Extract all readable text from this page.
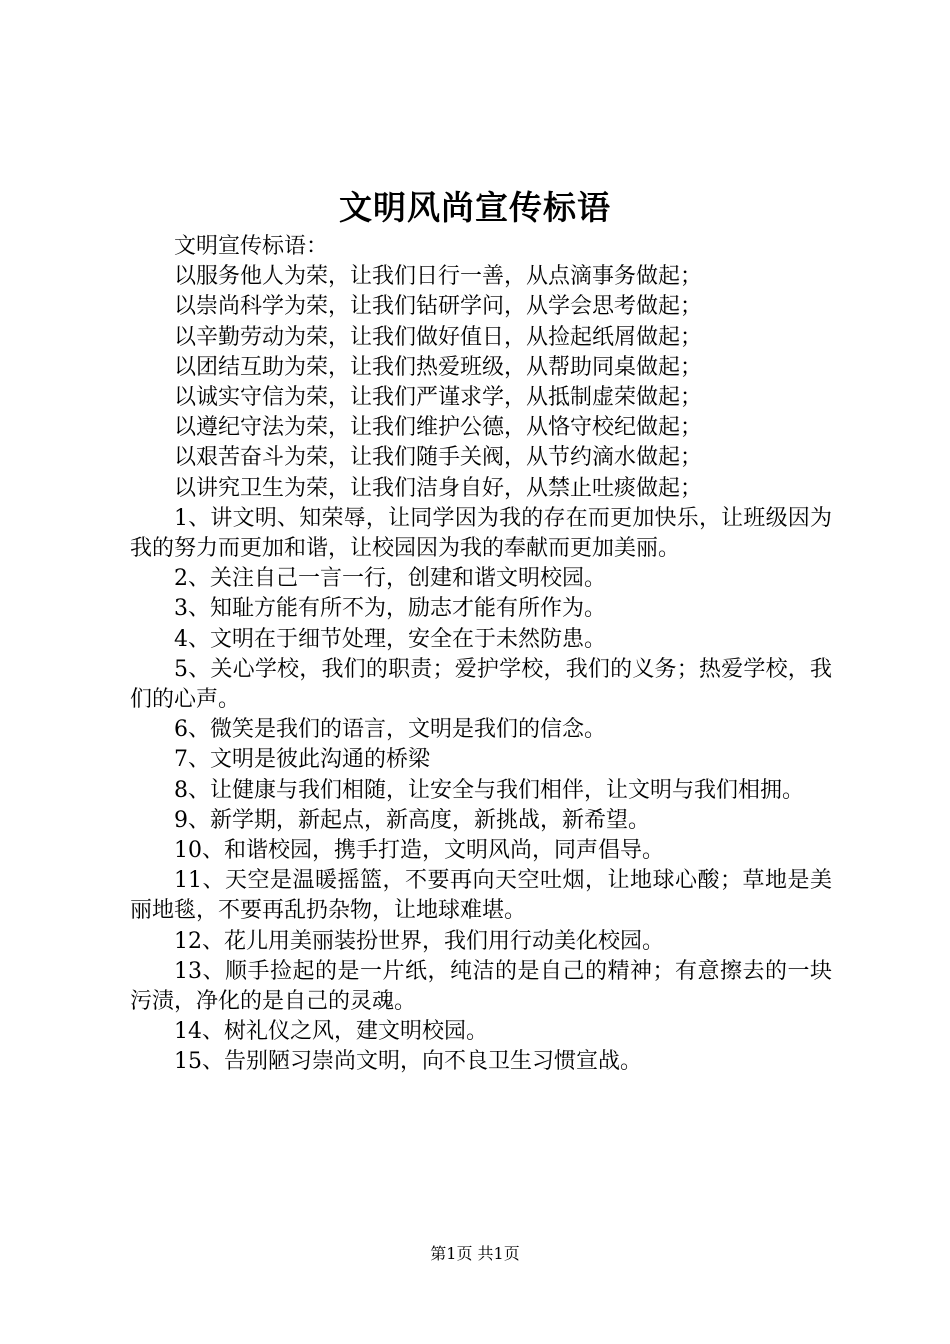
文明风尚宣传标语

文明宣传标语：

以服务他人为荣，让我们日行一善，从点滴事务做起；

以崇尚科学为荣，让我们钻研学问，从学会思考做起；

以辛勤劳动为荣，让我们做好值日，从捡起纸屑做起；

以团结互助为荣，让我们热爱班级，从帮助同桌做起；

以诚实守信为荣，让我们严谨求学，从抵制虚荣做起；

以遵纪守法为荣，让我们维护公德，从恪守校纪做起；

以艰苦奋斗为荣，让我们随手关阀，从节约滴水做起；

以讲究卫生为荣，让我们洁身自好，从禁止吐痰做起；

1、讲文明、知荣辱，让同学因为我的存在而更加快乐，让班级因为我的努力而更加和谐，让校园因为我的奉献而更加美丽。

2、关注自己一言一行，创建和谐文明校园。

3、知耻方能有所不为，励志才能有所作为。

4、文明在于细节处理，安全在于未然防患。

5、关心学校，我们的职责；爱护学校，我们的义务；热爱学校，我们的心声。

6、微笑是我们的语言，文明是我们的信念。

7、文明是彼此沟通的桥梁

8、让健康与我们相随，让安全与我们相伴，让文明与我们相拥。

9、新学期，新起点，新高度，新挑战，新希望。

10、和谐校园，携手打造，文明风尚，同声倡导。

11、天空是温暖摇篮，不要再向天空吐烟，让地球心酸；草地是美丽地毯，不要再乱扔杂物，让地球难堪。

12、花儿用美丽装扮世界，我们用行动美化校园。

13、顺手捡起的是一片纸，纯洁的是自己的精神；有意擦去的一块污渍，净化的是自己的灵魂。

14、树礼仪之风，建文明校园。

15、告别陋习崇尚文明，向不良卫生习惯宣战。

第1页 共1页
